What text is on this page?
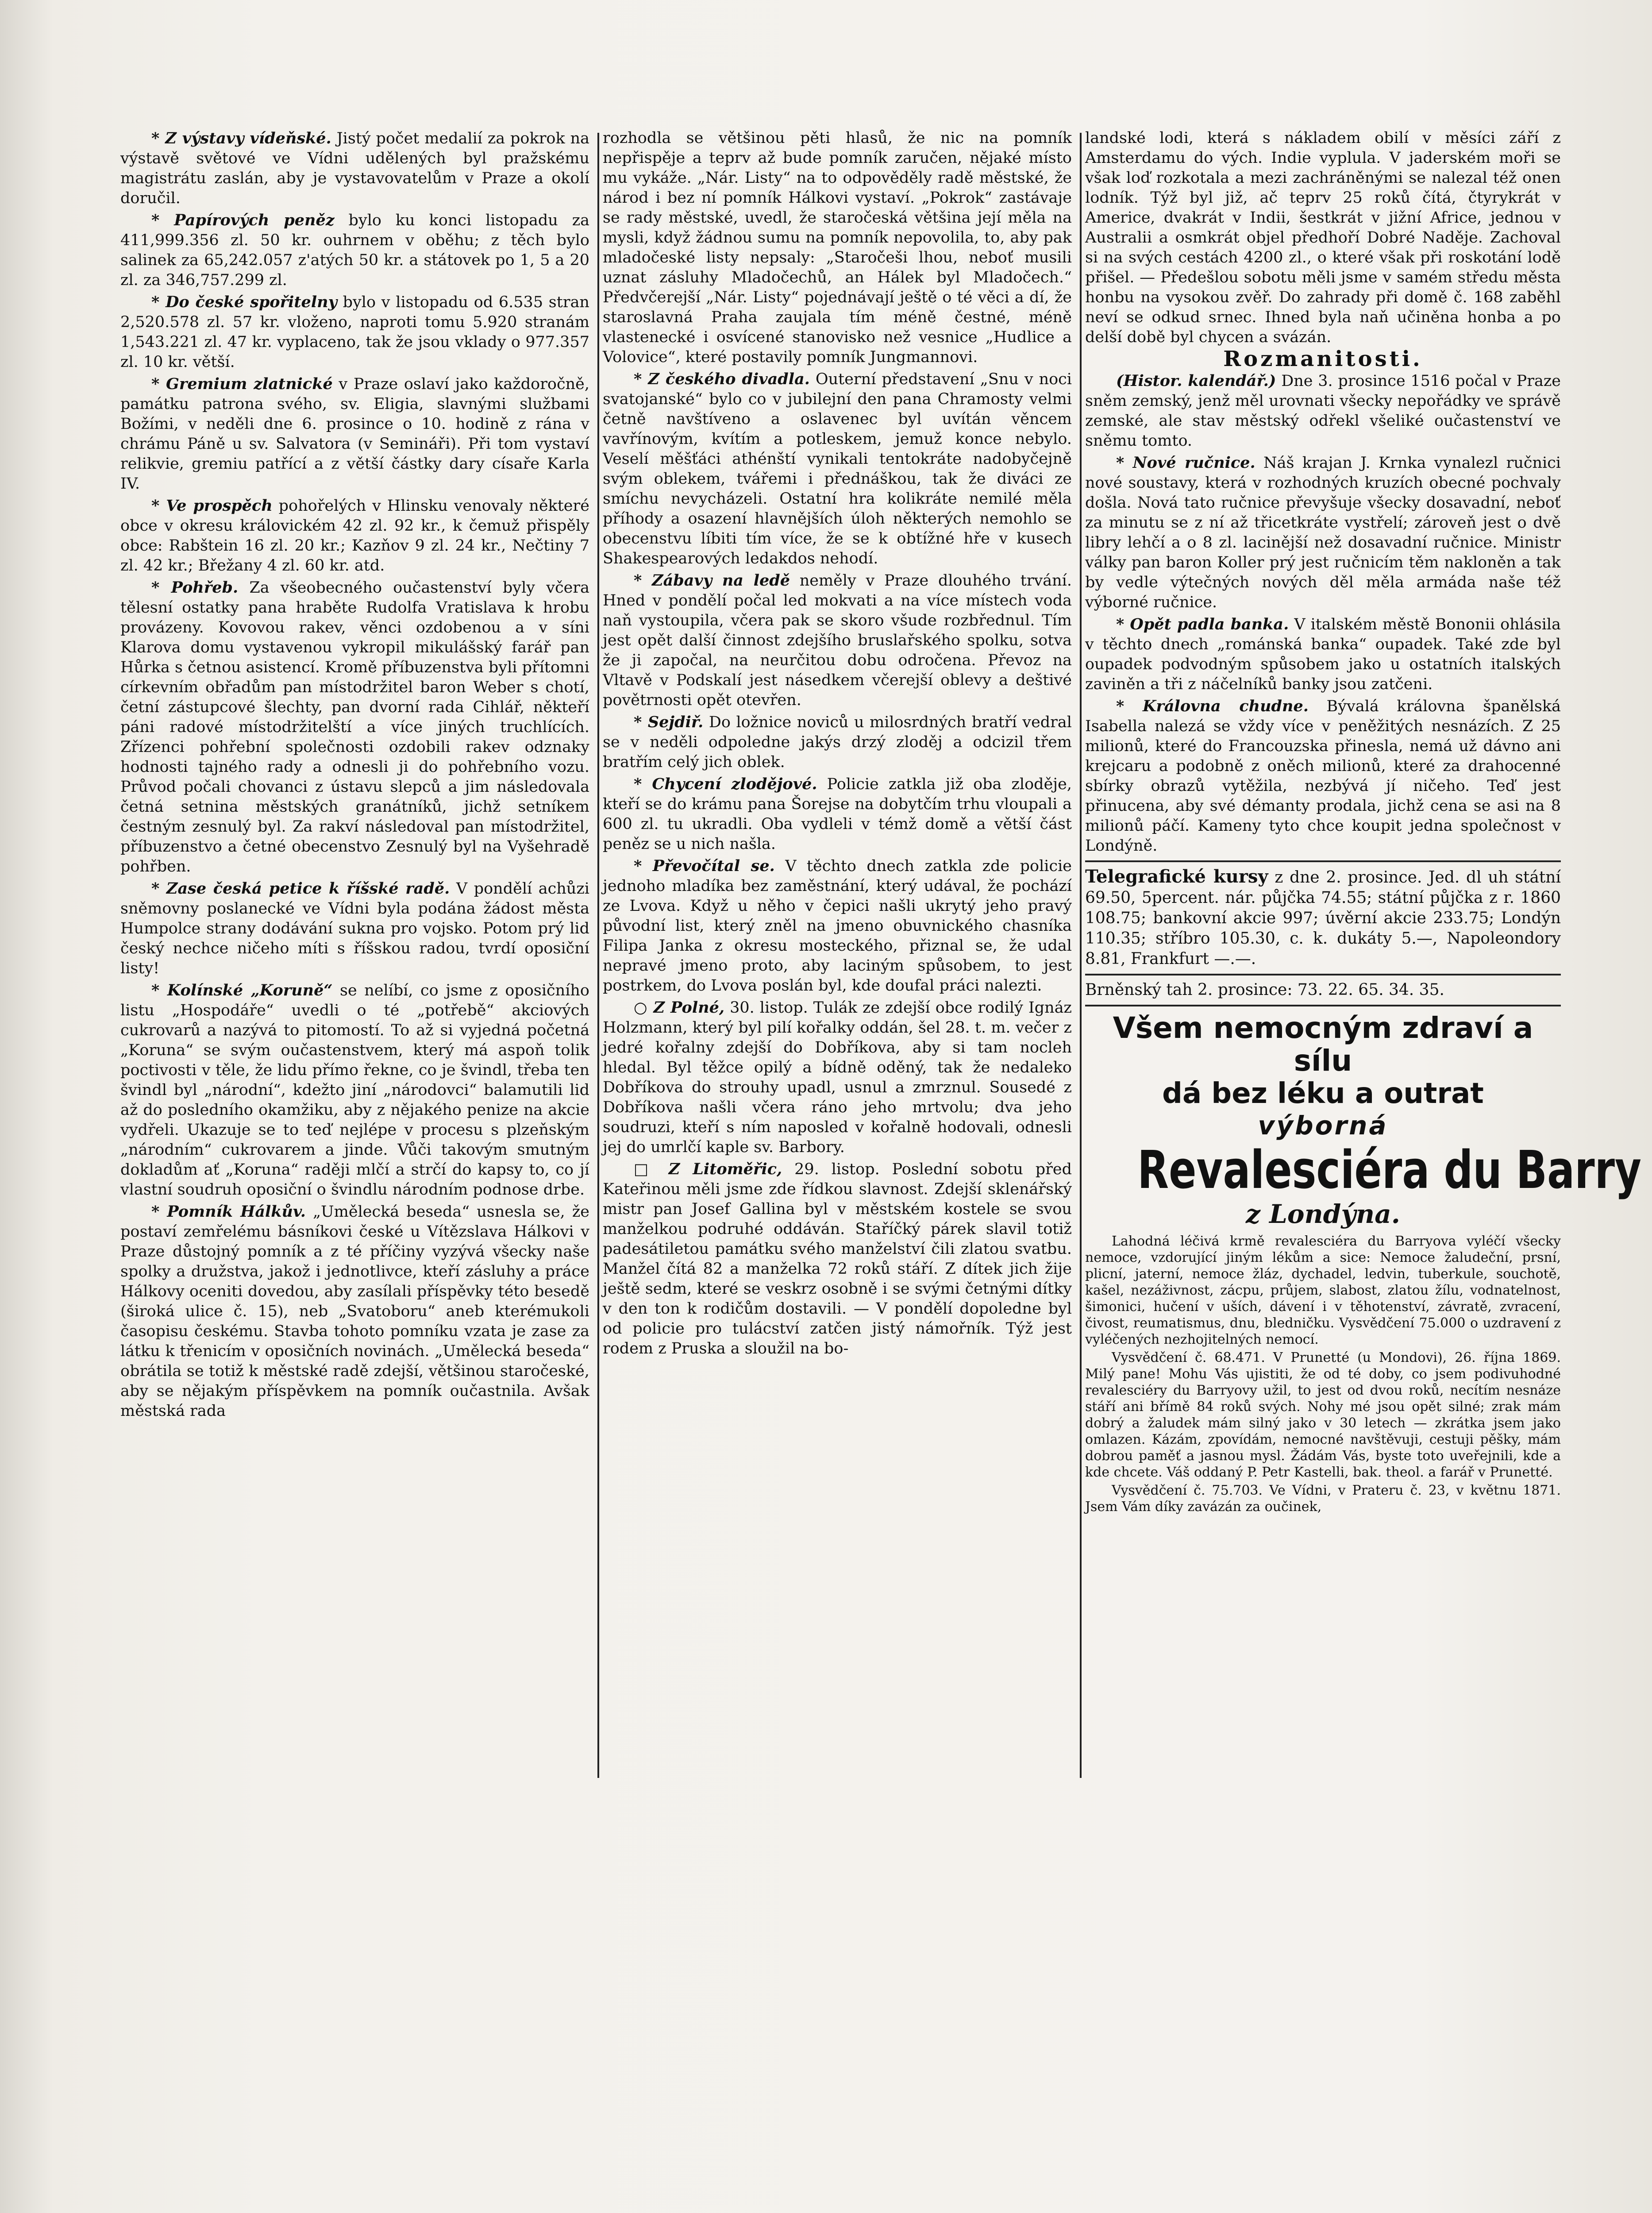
* Z výstavy vídeňské. Jistý počet medalií za pokrok na výstavě světové ve Vídni udělených byl pražskému magistrátu zaslán, aby je vystavovatelům v Praze a okolí doručil.

* Papírových peněz bylo ku konci listopadu za 411,999.356 zl. 50 kr. ouhrnem v oběhu; z těch bylo salinek za 65,242.057 z'atých 50 kr. a státovek po 1, 5 a 20 zl. za 346,757.299 zl.

* Do české spořitelny bylo v listopadu od 6.535 stran 2,520.578 zl. 57 kr. vloženo, naproti tomu 5.920 stranám 1,543.221 zl. 47 kr. vyplaceno, tak že jsou vklady o 977.357 zl. 10 kr. větší.

* Gremium zlatnické v Praze oslaví jako každoročně, památku patrona svého, sv. Eligia, slavnými službami Božími, v neděli dne 6. prosince o 10. hodině z rána v chrámu Páně u sv. Salvatora (v Semináři). Při tom vystaví relikvie, gremiu patřící a z větší částky dary císaře Karla IV.

* Ve prospěch pohořelých v Hlinsku venovaly některé obce v okresu královickém 42 zl. 92 kr., k čemuž přispěly obce: Rabštein 16 zl. 20 kr.; Kazňov 9 zl. 24 kr., Nečtiny 7 zl. 42 kr.; Břežany 4 zl. 60 kr. atd.

* Pohřeb. Za všeobecného oučastenství byly včera tělesní ostatky pana hraběte Rudolfa Vratislava k hrobu provázeny. Kovovou rakev, věnci ozdobenou a v síni Klarova domu vystavenou vykropil mikulášský farář pan Hůrka s četnou asistencí. Kromě příbuzenstva byli přítomni církevním obřadům pan místodržitel baron Weber s chotí, četní zástupcové šlechty, pan dvorní rada Cihlář, někteří páni radové místodržitelští a více jiných truchlících. Zřízenci pohřební společnosti ozdobili rakev odznaky hodnosti tajného rady a odnesli ji do pohřebního vozu. Průvod počali chovanci z ústavu slepců a jim následovala četná setnina městských granátníků, jichž setníkem čestným zesnulý byl. Za rakví následoval pan místodržitel, příbuzenstvo a četné obecenstvo Zesnulý byl na Vyšehradě pohřben.

* Zase česká petice k říšské radě. V pondělí achůzi sněmovny poslanecké ve Vídni byla podána žádost města Humpolce strany dodávání sukna pro vojsko. Potom prý lid český nechce ničeho míti s říšskou radou, tvrdí oposiční listy!

* Kolínské „Koruně“ se nelíbí, co jsme z oposičního listu „Hospodáře“ uvedli o té „potřebě“ akciových cukrovarů a nazývá to pitomostí. To až si vyjedná početná „Koruna“ se svým oučastenstvem, který má aspoň tolik poctivosti v těle, že lidu přímo řekne, co je švindl, třeba ten švindl byl „národní“, kdežto jiní „národovci“ balamutili lid až do posledního okamžiku, aby z nějakého penize na akcie vydřeli. Ukazuje se to teď nejlépe v procesu s plzeňským „národním“ cukrovarem a jinde. Vůči takovým smutným dokladům ať „Koruna“ raději mlčí a strčí do kapsy to, co jí vlastní soudruh oposiční o švindlu národním podnose drbe.

* Pomník Hálkův. „Umělecká beseda“ usnesla se, že postaví zemřelému básníkovi české u Vítězslava Hálkovi v Praze důstojný pomník a z té příčiny vyzývá všecky naše spolky a družstva, jakož i jednotlivce, kteří zásluhy a práce Hálkovy oceniti dovedou, aby zasílali příspěvky této besedě (široká ulice č. 15), neb „Svatoboru“ aneb kterémukoli časopisu českému. Stavba tohoto pomníku vzata je zase za látku k třenicím v oposičních novinách. „Umělecká beseda“ obrátila se totiž k městské radě zdejší, většinou staročeské, aby se nějakým příspěvkem na pomník oučastnila. Avšak městská rada

rozhodla se většinou pěti hlasů, že nic na pomník nepřispěje a teprv až bude pomník zaručen, nějaké místo mu vykáže. „Nár. Listy“ na to odpověděly radě městské, že národ i bez ní pomník Hálkovi vystaví. „Pokrok“ zastávaje se rady městské, uvedl, že staročeská většina její měla na mysli, když žádnou sumu na pomník nepovolila, to, aby pak mladočeské listy nepsaly: „Staročeši lhou, neboť musili uznat zásluhy Mladočechů, an Hálek byl Mladočech.“ Předvčerejší „Nár. Listy“ pojednávají ještě o té věci a dí, že staroslavná Praha zaujala tím méně čestné, méně vlastenecké i osvícené stanovisko než vesnice „Hudlice a Volovice“, které postavily pomník Jungmannovi.

* Z českého divadla. Outerní představení „Snu v noci svatojanské“ bylo co v jubilejní den pana Chramosty velmi četně navštíveno a oslavenec byl uvítán věncem vavřínovým, kvítím a potleskem, jemuž konce nebylo. Veselí měšťáci athénští vynikali tentokráte nadobyčejně svým oblekem, tvářemi i přednáškou, tak že diváci ze smíchu nevycházeli. Ostatní hra kolikráte nemilé měla příhody a osazení hlavnějších úloh některých nemohlo se obecenstvu líbiti tím více, že se k obtížné hře v kusech Shakespearových ledakdos nehodí.

* Zábavy na ledě neměly v Praze dlouhého trvání. Hned v pondělí počal led mokvati a na více místech voda naň vystoupila, včera pak se skoro všude rozbřednul. Tím jest opět další činnost zdejšího bruslařského spolku, sotva že ji započal, na neurčitou dobu odročena. Převoz na Vltavě v Podskalí jest násedkem včerejší oblevy a deštivé povětrnosti opět otevřen.

* Sejdiř. Do ložnice noviců u milosrdných bratří vedral se v neděli odpoledne jakýs drzý zloděj a odcizil třem bratřím celý jich oblek.

* Chycení zlodějové. Policie zatkla již oba zloděje, kteří se do krámu pana Šorejse na dobytčím trhu vloupali a 600 zl. tu ukradli. Oba vydleli v témž domě a větší část peněz se u nich našla.

* Převočítal se. V těchto dnech zatkla zde policie jednoho mladíka bez zaměstnání, který udával, že pochází ze Lvova. Když u něho v čepici našli ukrytý jeho pravý původní list, který zněl na jmeno obuvnického chasníka Filipa Janka z okresu mosteckého, přiznal se, že udal nepravé jmeno proto, aby laciným spůsobem, to jest postrkem, do Lvova poslán byl, kde doufal práci nalezti.

○ Z Polné, 30. listop. Tulák ze zdejší obce rodilý Ignáz Holzmann, který byl pilí kořalky oddán, šel 28. t. m. večer z jedré kořalny zdejší do Dobříkova, aby si tam nocleh hledal. Byl těžce opilý a bídně oděný, tak že nedaleko Dobříkova do strouhy upadl, usnul a zmrznul. Sousedé z Dobříkova našli včera ráno jeho mrtvolu; dva jeho soudruzi, kteří s ním naposled v kořalně hodovali, odnesli jej do umrlčí kaple sv. Barbory.

□ Z Litoměřic, 29. listop. Poslední sobotu před Kateřinou měli jsme zde řídkou slavnost. Zdejší sklenářský mistr pan Josef Gallina byl v městském kostele se svou manželkou podruhé oddáván. Staříčký párek slavil totiž padesátiletou památku svého manželství čili zlatou svatbu. Manžel čítá 82 a manželka 72 roků stáří. Z dítek jich žije ještě sedm, které se veskrz osobně i se svými četnými dítky v den ton k rodičům dostavili. — V pondělí dopoledne byl od policie pro tulácství zatčen jistý námořník. Týž jest rodem z Pruska a sloužil na bo-

landské lodi, která s nákladem obilí v měsíci září z Amsterdamu do vých. Indie vyplula. V jaderském moři se však loď rozkotala a mezi zachráněnými se nalezal též onen lodník. Týž byl již, ač teprv 25 roků čítá, čtyrykrát v Americe, dvakrát v Indii, šestkrát v jižní Africe, jednou v Australii a osmkrát objel předhoří Dobré Naděje. Zachoval si na svých cestách 4200 zl., o které však při roskotání lodě přišel. — Předešlou sobotu měli jsme v samém středu města honbu na vysokou zvěř. Do zahrady při domě č. 168 zaběhl neví se odkud srnec. Ihned byla naň učiněna honba a po delší době byl chycen a svázán.

Rozmanitosti.

(Histor. kalendář.) Dne 3. prosince 1516 počal v Praze sněm zemský, jenž měl urovnati všecky nepořádky ve správě zemské, ale stav městský odřekl všeliké oučastenství ve sněmu tomto.

* Nové ručnice. Náš krajan J. Krnka vynalezl ručnici nové soustavy, která v rozhodných kruzích obecné pochvaly došla. Nová tato ručnice převyšuje všecky dosavadní, neboť za minutu se z ní až třicetkráte vystřelí; zároveň jest o dvě libry lehčí a o 8 zl. lacinější než dosavadní ručnice. Ministr války pan baron Koller prý jest ručnicím těm nakloněn a tak by vedle výtečných nových děl měla armáda naše též výborné ručnice.

* Opět padla banka. V italském městě Bononii ohlásila v těchto dnech „románská banka“ oupadek. Také zde byl oupadek podvodným spůsobem jako u ostatních italských zaviněn a tři z náčelníků banky jsou zatčeni.

* Královna chudne. Bývalá královna španělská Isabella nalezá se vždy více v peněžitých nesnázích. Z 25 milionů, které do Francouzska přinesla, nemá už dávno ani krejcaru a podobně z oněch milionů, které za drahocenné sbírky obrazů vytěžila, nezbývá jí ničeho. Teď jest přinucena, aby své démanty prodala, jichž cena se asi na 8 milionů páčí. Kameny tyto chce koupit jedna společnost v Londýně.

Telegrafické kursy z dne 2. prosince. Jed. dl uh státní 69.50, 5percent. nár. půjčka 74.55; státní půjčka z r. 1860 108.75; bankovní akcie 997; úvěrní akcie 233.75; Londýn 110.35; stříbro 105.30, c. k. dukáty 5.—, Napoleondory 8.81, Frankfurt —.—.

Brněnský tah 2. prosince: 73. 22. 65. 34. 35.

Všem nemocným zdraví a sílu
dá bez léku a outrat
výborná
Revalesciéra du Barry
z Londýna.

Lahodná léčivá krmě revalesciéra du Barryova vyléčí všecky nemoce, vzdorující jiným lékům a sice: Nemoce žaludeční, prsní, plicní, jaterní, nemoce žláz, dychadel, ledvin, tuberkule, souchotě, kašel, nezáživnost, zácpu, průjem, slabost, zlatou žílu, vodnatelnost, šimonici, hučení v uších, dávení i v těhotenství, závratě, zvracení, čivost, reumatismus, dnu, bledničku. Vysvědčení 75.000 o uzdravení z vyléčených nezhojitelných nemocí.

Vysvědčení č. 68.471. V Prunetté (u Mondovi), 26. října 1869. Milý pane! Mohu Vás ujistiti, že od té doby, co jsem podivuhodné revalesciéry du Barryovy užil, to jest od dvou roků, necítím nesnáze stáří ani břímě 84 roků svých. Nohy mé jsou opět silné; zrak mám dobrý a žaludek mám silný jako v 30 letech — zkrátka jsem jako omlazen. Kázám, zpovídám, nemocné navštěvuji, cestuji pěšky, mám dobrou paměť a jasnou mysl. Žádám Vás, byste toto uveřejnili, kde a kde chcete. Váš oddaný P. Petr Kastelli, bak. theol. a farář v Prunetté.

Vysvědčení č. 75.703. Ve Vídni, v Prateru č. 23, v květnu 1871. Jsem Vám díky zavázán za oučinek,
